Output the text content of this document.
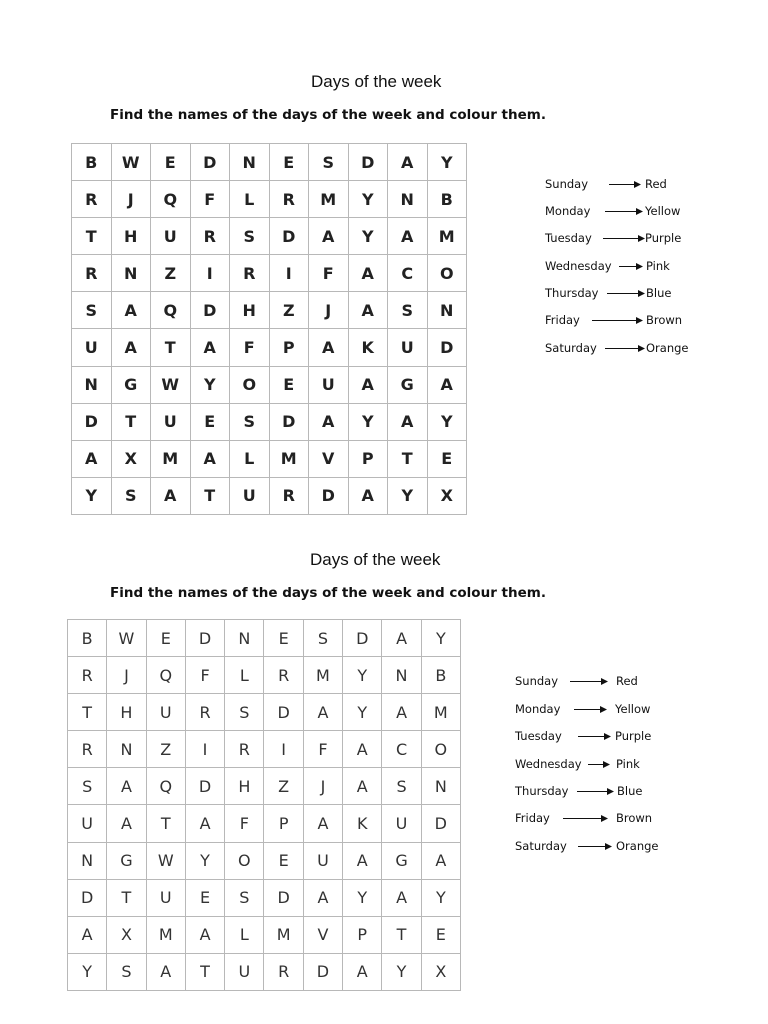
Days of the week
Find the names of the days of the week and colour them.
B	W	E	D	N	E	S	D	A	Y
R	J	Q	F	L	R	M	Y	N	B
T	H	U	R	S	D	A	Y	A	M
R	N	Z	I	R	I	F	A	C	O
S	A	Q	D	H	Z	J	A	S	N
U	A	T	A	F	P	A	K	U	D
N	G	W	Y	O	E	U	A	G	A
D	T	U	E	S	D	A	Y	A	Y
A	X	M	A	L	M	V	P	T	E
Y	S	A	T	U	R	D	A	Y	X
Sunday	Red
Monday	Yellow
Tuesday	Purple
Wednesday	Pink
Thursday	Blue
Friday	Brown
Saturday	Orange
Days of the week
Find the names of the days of the week and colour them.
B	W	E	D	N	E	S	D	A	Y
R	J	Q	F	L	R	M	Y	N	B
T	H	U	R	S	D	A	Y	A	M
R	N	Z	I	R	I	F	A	C	O
S	A	Q	D	H	Z	J	A	S	N
U	A	T	A	F	P	A	K	U	D
N	G	W	Y	O	E	U	A	G	A
D	T	U	E	S	D	A	Y	A	Y
A	X	M	A	L	M	V	P	T	E
Y	S	A	T	U	R	D	A	Y	X
Sunday	Red
Monday	Yellow
Tuesday	Purple
Wednesday	Pink
Thursday	Blue
Friday	Brown
Saturday	Orange
